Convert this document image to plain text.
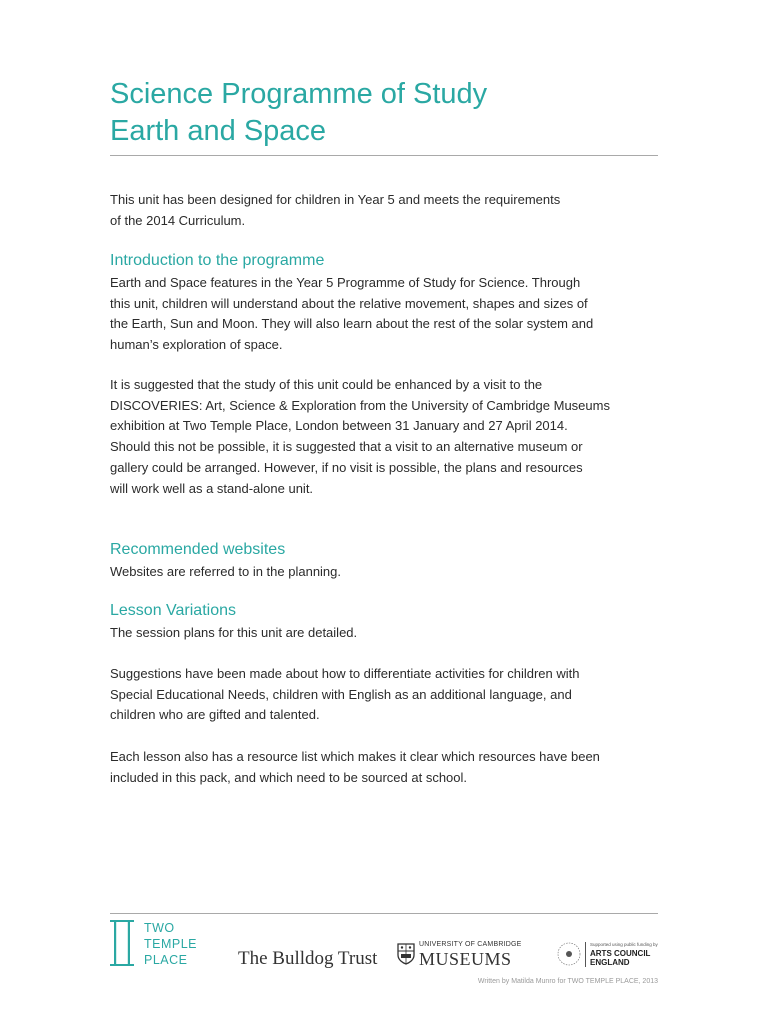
Science Programme of Study
Earth and Space

This unit has been designed for children in Year 5 and meets the requirements
of the 2014 Curriculum.

Introduction to the programme

Earth and Space features in the Year 5 Programme of Study for Science. Through
this unit, children will understand about the relative movement, shapes and sizes of
the Earth, Sun and Moon. They will also learn about the rest of the solar system and
human’s exploration of space.

It is suggested that the study of this unit could be enhanced by a visit to the
DISCOVERIES: Art, Science & Exploration from the University of Cambridge Museums
exhibition at Two Temple Place, London between 31 January and 27 April 2014.
Should this not be possible, it is suggested that a visit to an alternative museum or
gallery could be arranged. However, if no visit is possible, the plans and resources
will work well as a stand-alone unit.

Recommended websites

Websites are referred to in the planning.

Lesson Variations

The session plans for this unit are detailed.

Suggestions have been made about how to differentiate activities for children with
Special Educational Needs, children with English as an additional language, and
children who are gifted and talented.

Each lesson also has a resource list which makes it clear which resources have been
included in this pack, and which need to be sourced at school.

TWO
TEMPLE
PLACE	The Bulldog Trust
UNIVERSITY OF CAMBRIDGE
MUSEUMS
Supported using public funding by
ARTS COUNCIL
ENGLAND
Written by Matilda Munro for TWO TEMPLE PLACE, 2013
